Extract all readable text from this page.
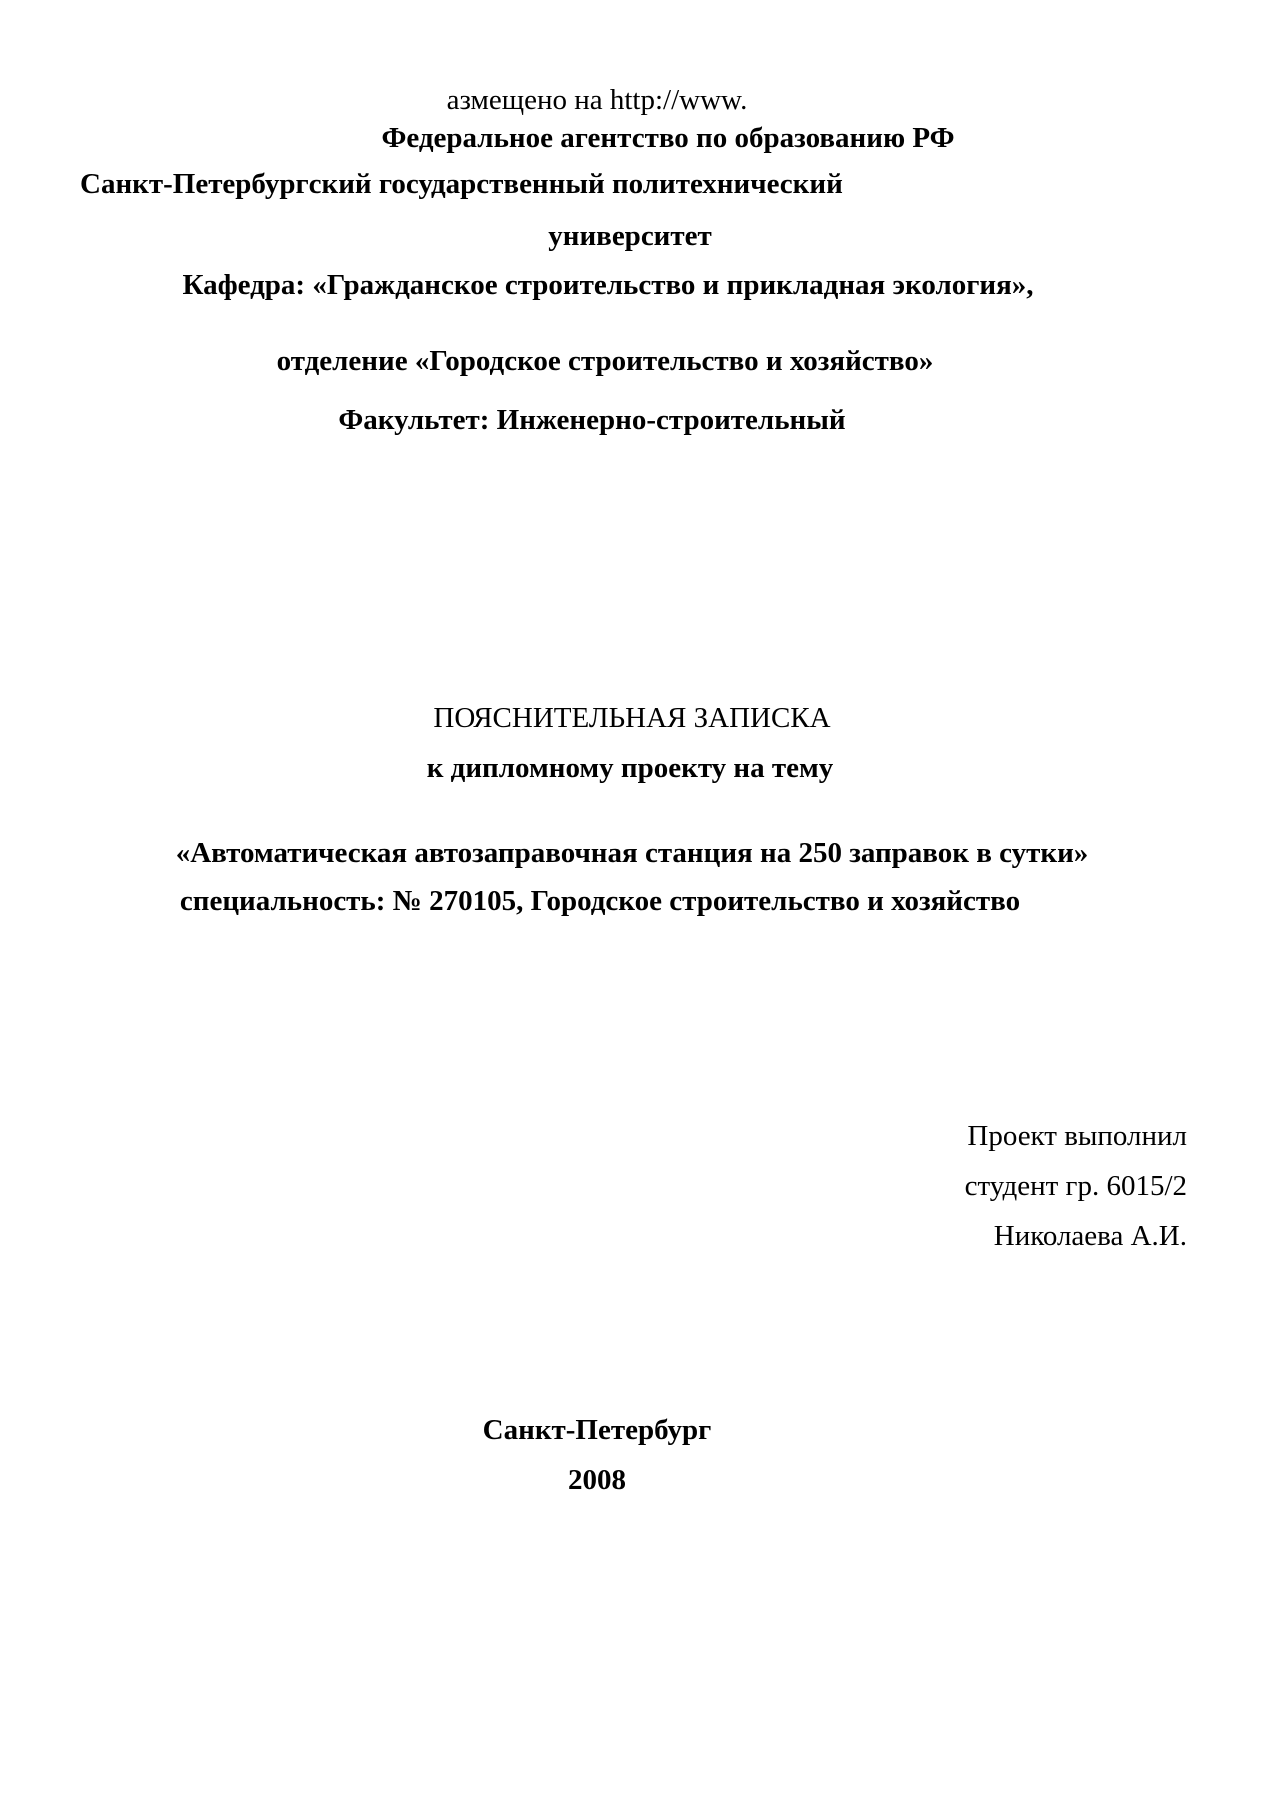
азмещено на http://www.
Федеральное агентство по образованию РФ
Санкт-Петербургский государственный политехнический
университет
Кафедра: «Гражданское строительство и прикладная экология»,
отделение «Городское строительство и хозяйство»
Факультет: Инженерно-строительный
ПОЯСНИТЕЛЬНАЯ ЗАПИСКА
к дипломному проекту на тему
«Автоматическая автозаправочная станция на 250 заправок в сутки»
специальность: № 270105, Городское строительство и хозяйство
Проект выполнил
студент гр. 6015/2
Николаева А.И.
Санкт-Петербург
2008
